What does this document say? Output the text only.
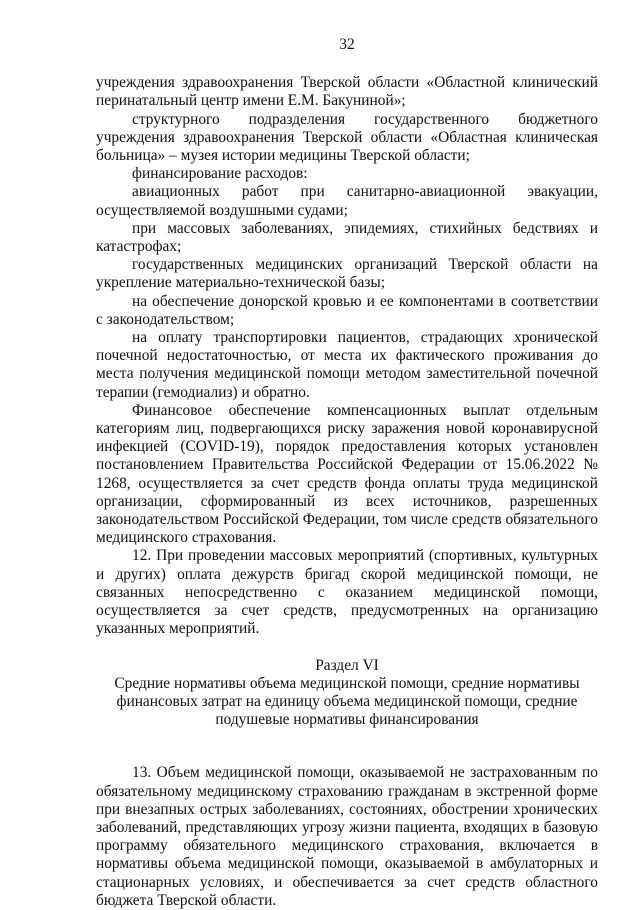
32

учреждения здравоохранения Тверской области «Областной клинический перинатальный центр имени Е.М. Бакуниной»;

структурного подразделения государственного бюджетного учреждения здравоохранения Тверской области «Областная клиническая больница» – музея истории медицины Тверской области;

финансирование расходов:

авиационных работ при санитарно-авиационной эвакуации, осуществляемой воздушными судами;

при массовых заболеваниях, эпидемиях, стихийных бедствиях и катастрофах;

государственных медицинских организаций Тверской области на укрепление материально-технической базы;

на обеспечение донорской кровью и ее компонентами в соответствии с законодательством;

на оплату транспортировки пациентов, страдающих хронической почечной недостаточностью, от места их фактического проживания до места получения медицинской помощи методом заместительной почечной терапии (гемодиализ) и обратно.

Финансовое обеспечение компенсационных выплат отдельным категориям лиц, подвергающихся риску заражения новой коронавирусной инфекцией (COVID-19), порядок предоставления которых установлен постановлением Правительства Российской Федерации от 15.06.2022 № 1268, осуществляется за счет средств фонда оплаты труда медицинской организации, сформированный из всех источников, разрешенных законодательством Российской Федерации, том числе средств обязательного медицинского страхования.

12. При проведении массовых мероприятий (спортивных, культурных и других) оплата дежурств бригад скорой медицинской помощи, не связанных непосредственно с оказанием медицинской помощи, осуществляется за счет средств, предусмотренных на организацию указанных мероприятий.

Раздел VI
Средние нормативы объема медицинской помощи, средние нормативы финансовых затрат на единицу объема медицинской помощи, средние подушевые нормативы финансирования

13. Объем медицинской помощи, оказываемой не застрахованным по обязательному медицинскому страхованию гражданам в экстренной форме при внезапных острых заболеваниях, состояниях, обострении хронических заболеваний, представляющих угрозу жизни пациента, входящих в базовую программу обязательного медицинского страхования, включается в нормативы объема медицинской помощи, оказываемой в амбулаторных и стационарных условиях, и обеспечивается за счет средств областного бюджета Тверской области.
